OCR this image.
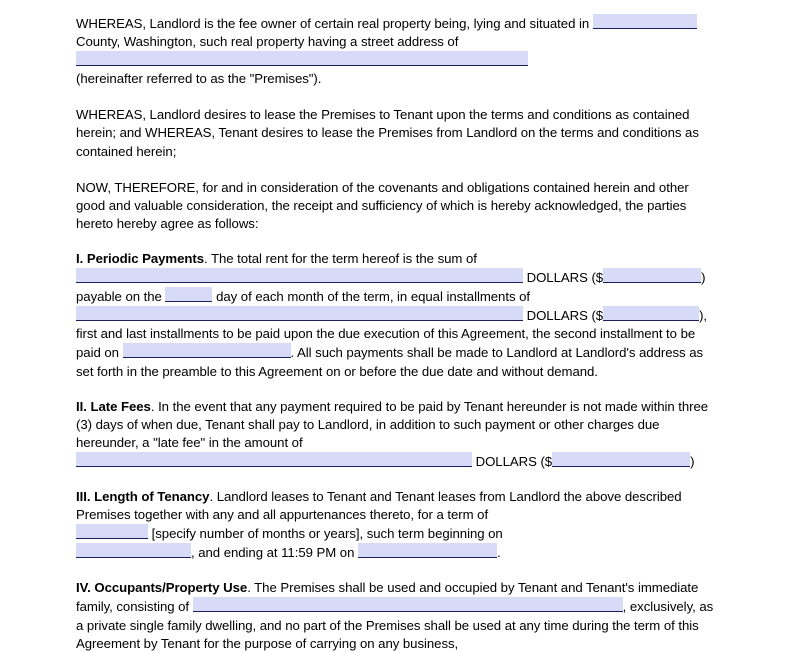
WHEREAS, Landlord is the fee owner of certain real property being, lying and situated in  County, Washington, such real property having a street address of
(hereinafter referred to as the "Premises").

WHEREAS, Landlord desires to lease the Premises to Tenant upon the terms and conditions as contained herein; and WHEREAS, Tenant desires to lease the Premises from Landlord on the terms and conditions as contained herein;

NOW, THEREFORE, for and in consideration of the covenants and obligations contained herein and other good and valuable consideration, the receipt and sufficiency of which is hereby acknowledged, the parties hereto hereby agree as follows:

I. Periodic Payments. The total rent for the term hereof is the sum of
DOLLARS ($	)
payable on the	day of each month of the term, in equal installments of
DOLLARS ($	),
first and last installments to be paid upon the due execution of this Agreement, the second installment to be paid on	. All such payments shall be made to Landlord at Landlord's address as set forth in the preamble to this Agreement on or before the due date and without demand.

II. Late Fees. In the event that any payment required to be paid by Tenant hereunder is not made within three (3) days of when due, Tenant shall pay to Landlord, in addition to such payment or other charges due hereunder, a "late fee" in the amount of
DOLLARS ($	)

III. Length of Tenancy. Landlord leases to Tenant and Tenant leases from Landlord the above described Premises together with any and all appurtenances thereto, for a term of
[specify number of months or years], such term beginning on
, and ending at 11:59 PM on	.

IV. Occupants/Property Use. The Premises shall be used and occupied by Tenant and Tenant's immediate family, consisting of	, exclusively, as a private single family dwelling, and no part of the Premises shall be used at any time during the term of this Agreement by Tenant for the purpose of carrying on any business,
